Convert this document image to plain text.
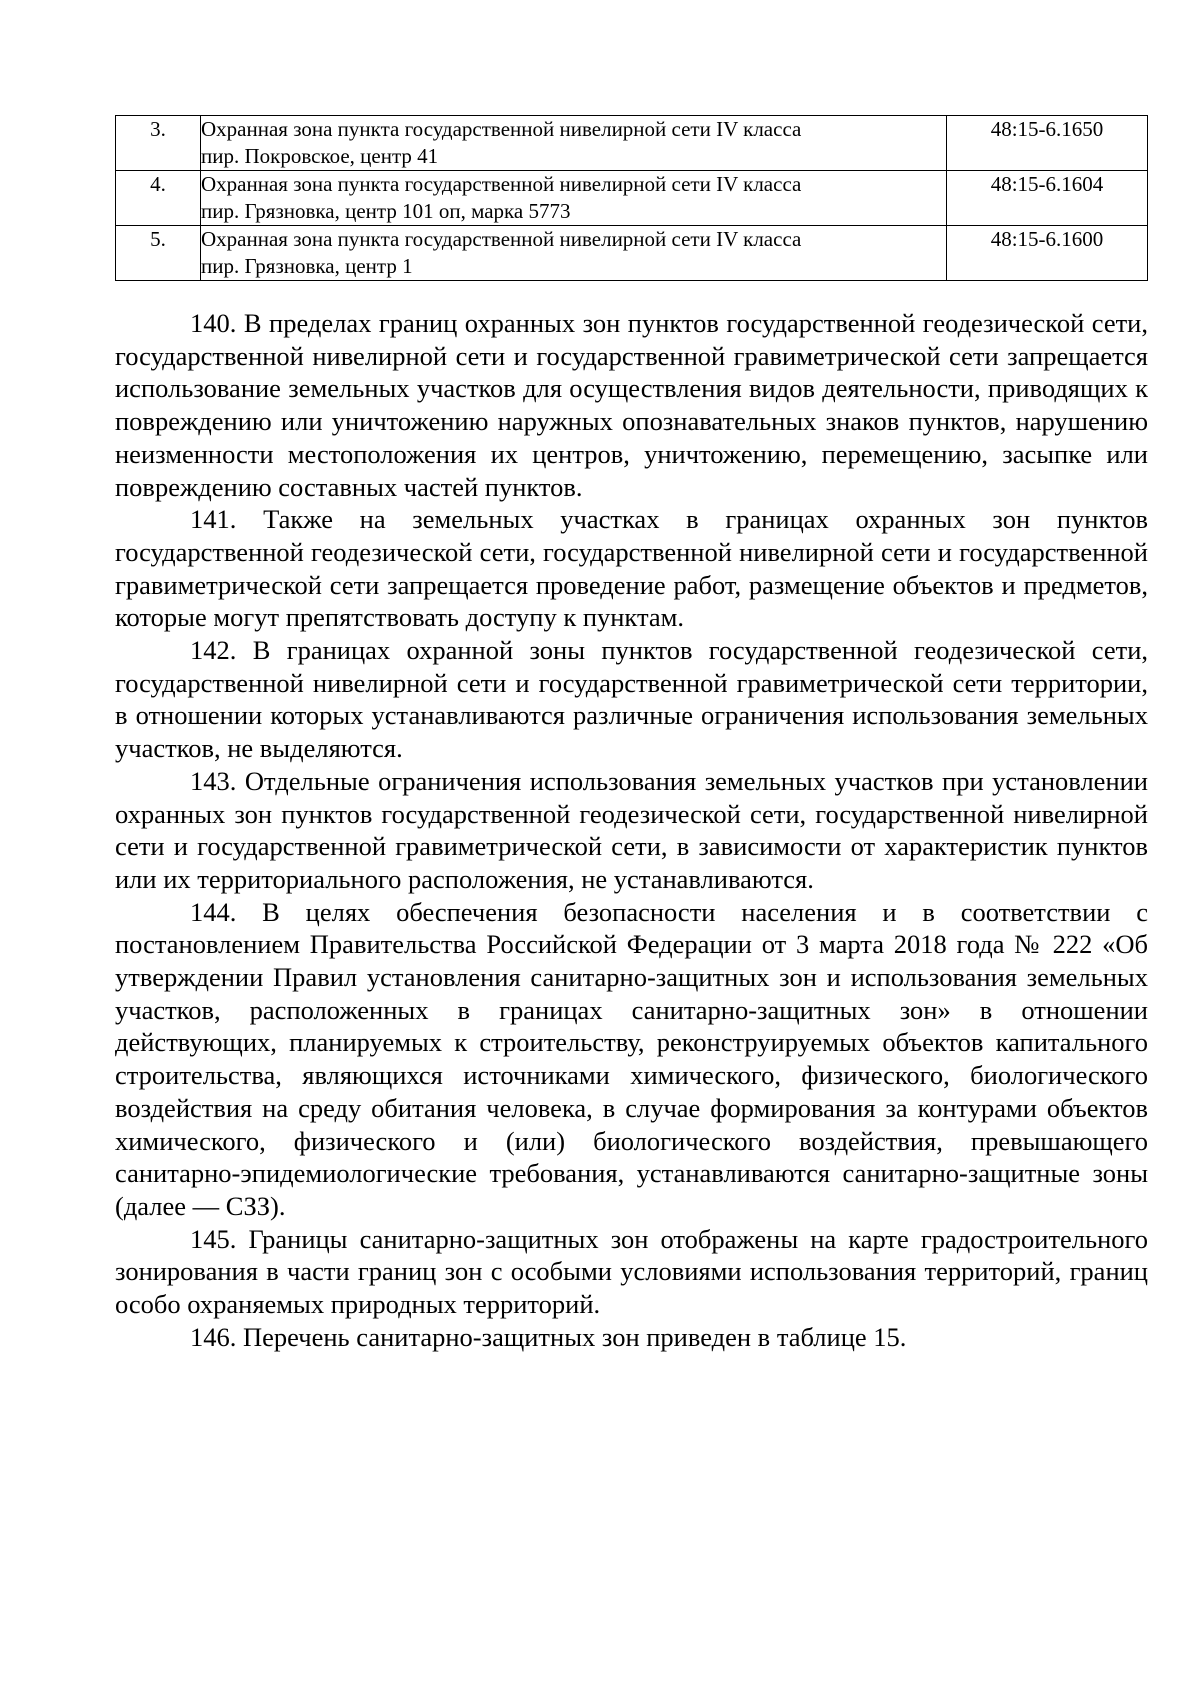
3.	Охранная зона пункта государственной нивелирной сети IV класса
пир. Покровское, центр 41	48:15-6.1650
4.	Охранная зона пункта государственной нивелирной сети IV класса
пир. Грязновка, центр 101 оп, марка 5773	48:15-6.1604
5.	Охранная зона пункта государственной нивелирной сети IV класса
пир. Грязновка, центр 1	48:15-6.1600

140. В пределах границ охранных зон пунктов государственной геодезической сети, государственной нивелирной сети и государственной гравиметрической сети запрещается использование земельных участков для осуществления видов деятельности, приводящих к повреждению или уничтожению наружных опознавательных знаков пунктов, нарушению неизменности местоположения их центров, уничтожению, перемещению, засыпке или повреждению составных частей пунктов.

141. Также на земельных участках в границах охранных зон пунктов государственной геодезической сети, государственной нивелирной сети и государственной гравиметрической сети запрещается проведение работ, размещение объектов и предметов, которые могут препятствовать доступу к пунктам.

142. В границах охранной зоны пунктов государственной геодезической сети, государственной нивелирной сети и государственной гравиметрической сети территории, в отношении которых устанавливаются различные ограничения использования земельных участков, не выделяются.

143. Отдельные ограничения использования земельных участков при установлении охранных зон пунктов государственной геодезической сети, государственной нивелирной сети и государственной гравиметрической сети, в зависимости от характеристик пунктов или их территориального расположения, не устанавливаются.

144. В целях обеспечения безопасности населения и в соответствии с постановлением Правительства Российской Федерации от 3 марта 2018 года № 222 «Об утверждении Правил установления санитарно-защитных зон и использования земельных участков, расположенных в границах санитарно-защитных зон» в отношении действующих, планируемых к строительству, реконструируемых объектов капитального строительства, являющихся источниками химического, физического, биологического воздействия на среду обитания человека, в случае формирования за контурами объектов химического, физического и (или) биологического воздействия, превышающего санитарно-эпидемиологические требования, устанавливаются санитарно-защитные зоны (далее — СЗЗ).

145. Границы санитарно-защитных зон отображены на карте градостроительного зонирования в части границ зон с особыми условиями использования территорий, границ особо охраняемых природных территорий.

146. Перечень санитарно-защитных зон приведен в таблице 15.
